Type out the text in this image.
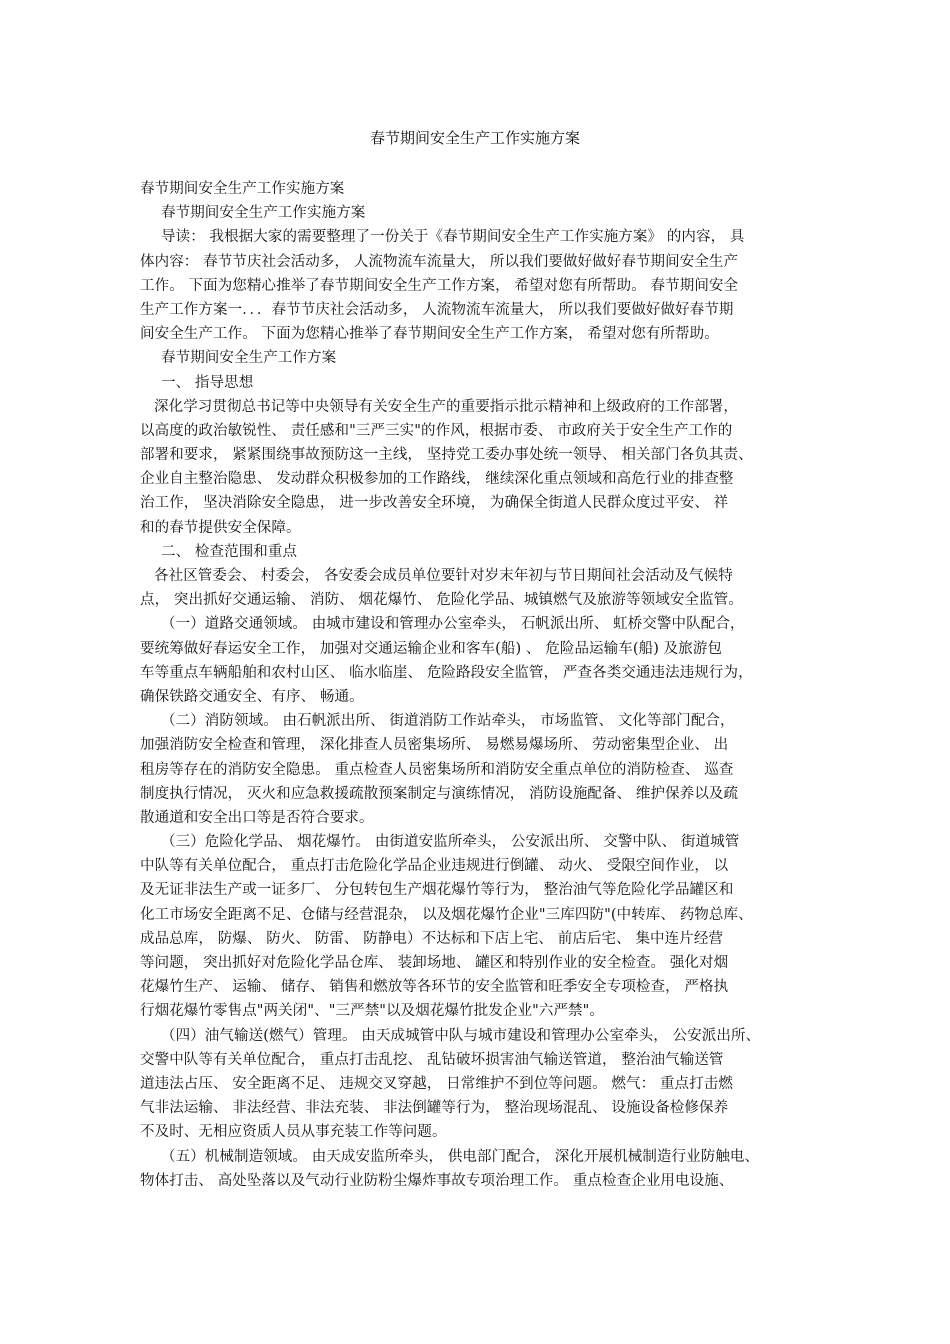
春节期间安全生产工作实施方案
春节期间安全生产工作实施方案
春节期间安全生产工作实施方案
导读： 我根据大家的需要整理了一份关于《春节期间安全生产工作实施方案》 的内容， 具
体内容： 春节节庆社会活动多， 人流物流车流量大， 所以我们要做好做好春节期间安全生产
工作。 下面为您精心推举了春节期间安全生产工作方案， 希望对您有所帮助。 春节期间安全
生产工作方案一．．．春节节庆社会活动多， 人流物流车流量大， 所以我们要做好做好春节期
间安全生产工作。 下面为您精心推举了春节期间安全生产工作方案， 希望对您有所帮助。
春节期间安全生产工作方案
一、 指导思想
深化学习贯彻总书记等中央领导有关安全生产的重要指示批示精神和上级政府的工作部署，
以高度的政治敏锐性、 责任感和"三严三实"的作风，根据市委、 市政府关于安全生产工作的
部署和要求， 紧紧围绕事故预防这一主线， 坚持党工委办事处统一领导、 相关部门各负其责、
企业自主整治隐患、 发动群众积极参加的工作路线， 继续深化重点领域和高危行业的排查整
治工作， 坚决消除安全隐患， 进一步改善安全环境， 为确保全街道人民群众度过平安、 祥
和的春节提供安全保障。
二、 检查范围和重点
各社区管委会、 村委会， 各安委会成员单位要针对岁末年初与节日期间社会活动及气候特
点， 突出抓好交通运输、 消防、 烟花爆竹、 危险化学品、城镇燃气及旅游等领域安全监管。
（一）道路交通领域。 由城市建设和管理办公室牵头， 石帆派出所、 虹桥交警中队配合，
要统筹做好春运安全工作， 加强对交通运输企业和客车(船) 、 危险品运输车(船) 及旅游包
车等重点车辆船舶和农村山区、 临水临崖、 危险路段安全监管， 严查各类交通违法违规行为，
确保铁路交通安全、有序、 畅通。
（二）消防领域。 由石帆派出所、 街道消防工作站牵头， 市场监管、 文化等部门配合，
加强消防安全检查和管理， 深化排查人员密集场所、 易燃易爆场所、 劳动密集型企业、 出
租房等存在的消防安全隐患。 重点检查人员密集场所和消防安全重点单位的消防检查、 巡查
制度执行情况， 灭火和应急救援疏散预案制定与演练情况， 消防设施配备、 维护保养以及疏
散通道和安全出口等是否符合要求。
（三）危险化学品、 烟花爆竹。 由街道安监所牵头， 公安派出所、 交警中队、 街道城管
中队等有关单位配合， 重点打击危险化学品企业违规进行倒罐、 动火、 受限空间作业， 以
及无证非法生产或一证多厂、 分包转包生产烟花爆竹等行为， 整治油气等危险化学品罐区和
化工市场安全距离不足、仓储与经营混杂， 以及烟花爆竹企业"三库四防"(中转库、 药物总库、
成品总库， 防爆、 防火、 防雷、 防静电）不达标和下店上宅、 前店后宅、 集中连片经营
等问题， 突出抓好对危险化学品仓库、 装卸场地、 罐区和特别作业的安全检查。 强化对烟
花爆竹生产、 运输、 储存、 销售和燃放等各环节的安全监管和旺季安全专项检查， 严格执
行烟花爆竹零售点"两关闭"、"三严禁"以及烟花爆竹批发企业"六严禁"。
（四）油气输送(燃气）管理。 由天成城管中队与城市建设和管理办公室牵头， 公安派出所、
交警中队等有关单位配合， 重点打击乱挖、 乱钻破坏损害油气输送管道， 整治油气输送管
道违法占压、 安全距离不足、 违规交叉穿越， 日常维护不到位等问题。 燃气： 重点打击燃
气非法运输、 非法经营、非法充装、 非法倒罐等行为， 整治现场混乱、 设施设备检修保养
不及时、无相应资质人员从事充装工作等问题。
（五）机械制造领域。 由天成安监所牵头， 供电部门配合， 深化开展机械制造行业防触电、
物体打击、 高处坠落以及气动行业防粉尘爆炸事故专项治理工作。 重点检查企业用电设施、
